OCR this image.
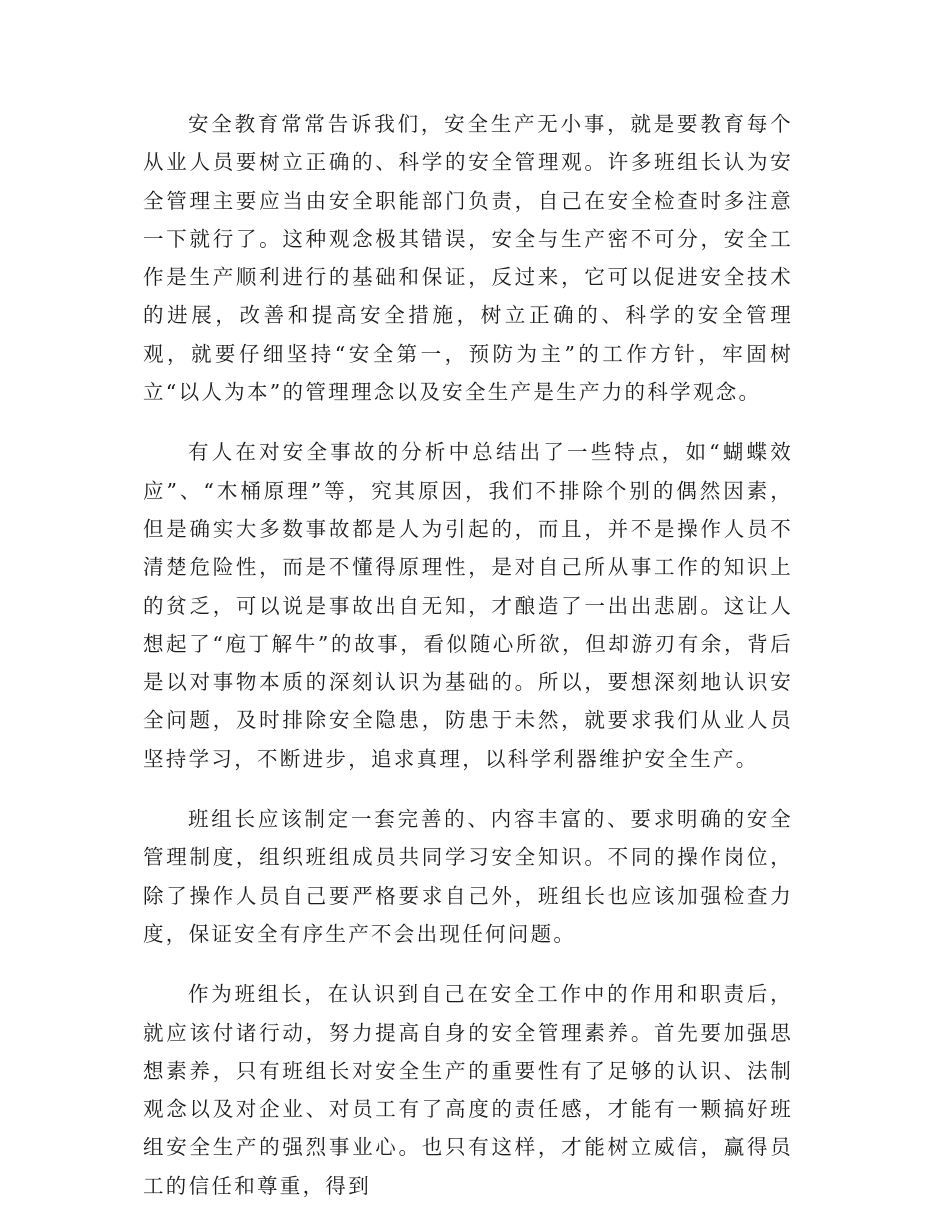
安全教育常常告诉我们，安全生产无小事，就是要教育每个从业人员要树立正确的、科学的安全管理观。许多班组长认为安全管理主要应当由安全职能部门负责，自己在安全检查时多注意一下就行了。这种观念极其错误，安全与生产密不可分，安全工作是生产顺利进行的基础和保证，反过来，它可以促进安全技术的进展，改善和提高安全措施，树立正确的、科学的安全管理观，就要仔细坚持“安全第一，预防为主”的工作方针，牢固树立“以人为本”的管理理念以及安全生产是生产力的科学观念。

有人在对安全事故的分析中总结出了一些特点，如“蝴蝶效应”、“木桶原理”等，究其原因，我们不排除个别的偶然因素，但是确实大多数事故都是人为引起的，而且，并不是操作人员不清楚危险性，而是不懂得原理性，是对自己所从事工作的知识上的贫乏，可以说是事故出自无知，才酿造了一出出悲剧。这让人想起了“庖丁解牛”的故事，看似随心所欲，但却游刃有余，背后是以对事物本质的深刻认识为基础的。所以，要想深刻地认识安全问题，及时排除安全隐患，防患于未然，就要求我们从业人员坚持学习，不断进步，追求真理，以科学利器维护安全生产。

班组长应该制定一套完善的、内容丰富的、要求明确的安全管理制度，组织班组成员共同学习安全知识。不同的操作岗位，除了操作人员自己要严格要求自己外，班组长也应该加强检查力度，保证安全有序生产不会出现任何问题。

作为班组长，在认识到自己在安全工作中的作用和职责后，就应该付诸行动，努力提高自身的安全管理素养。首先要加强思想素养，只有班组长对安全生产的重要性有了足够的认识、法制观念以及对企业、对员工有了高度的责任感，才能有一颗搞好班组安全生产的强烈事业心。也只有这样，才能树立威信，赢得员工的信任和尊重，得到
